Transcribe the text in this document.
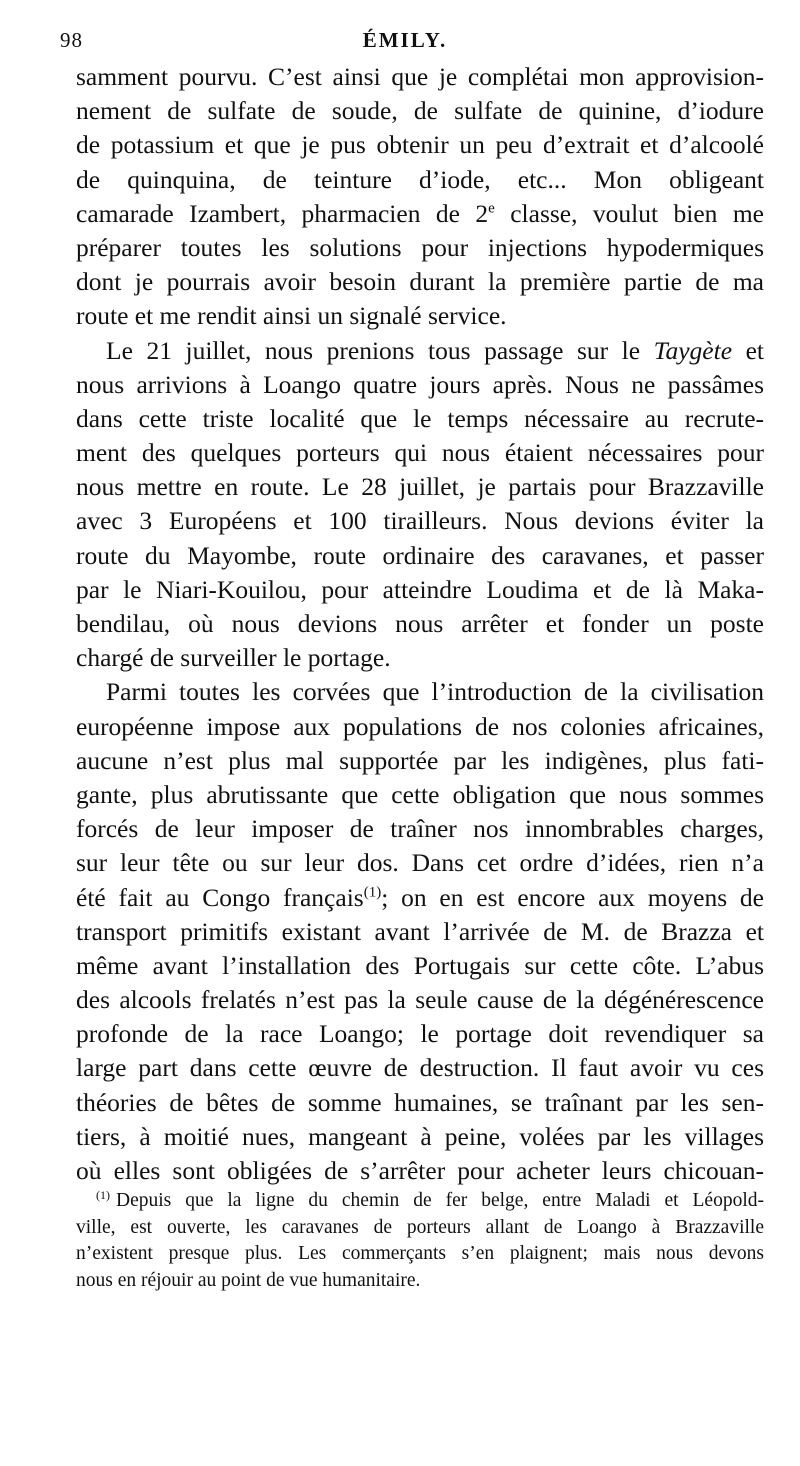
98	ÉMILY.
samment pourvu. C’est ainsi que je complétai mon approvision-
nement de sulfate de soude, de sulfate de quinine, d’iodure
de potassium et que je pus obtenir un peu d’extrait et d’alcoolé
de quinquina, de teinture d’iode, etc... Mon obligeant
camarade Izambert, pharmacien de 2e classe, voulut bien me
préparer toutes les solutions pour injections hypodermiques
dont je pourrais avoir besoin durant la première partie de ma
route et me rendit ainsi un signalé service.
Le 21 juillet, nous prenions tous passage sur le Taygète et
nous arrivions à Loango quatre jours après. Nous ne passâmes
dans cette triste localité que le temps nécessaire au recrute-
ment des quelques porteurs qui nous étaient nécessaires pour
nous mettre en route. Le 28 juillet, je partais pour Brazzaville
avec 3 Européens et 100 tirailleurs. Nous devions éviter la
route du Mayombe, route ordinaire des caravanes, et passer
par le Niari-Kouilou, pour atteindre Loudima et de là Maka-
bendilau, où nous devions nous arrêter et fonder un poste
chargé de surveiller le portage.
Parmi toutes les corvées que l’introduction de la civilisation
européenne impose aux populations de nos colonies africaines,
aucune n’est plus mal supportée par les indigènes, plus fati-
gante, plus abrutissante que cette obligation que nous sommes
forcés de leur imposer de traîner nos innombrables charges,
sur leur tête ou sur leur dos. Dans cet ordre d’idées, rien n’a
été fait au Congo français$^{(1)}$; on en est encore aux moyens de
transport primitifs existant avant l’arrivée de M. de Brazza et
même avant l’installation des Portugais sur cette côte. L’abus
des alcools frelatés n’est pas la seule cause de la dégénérescence
profonde de la race Loango; le portage doit revendiquer sa
large part dans cette œuvre de destruction. Il faut avoir vu ces
théories de bêtes de somme humaines, se traînant par les sen-
tiers, à moitié nues, mangeant à peine, volées par les villages
où elles sont obligées de s’arrêter pour acheter leurs chicouan-
$^{(1)}$ Depuis que la ligne du chemin de fer belge, entre Maladi et Léopold-
ville, est ouverte, les caravanes de porteurs allant de Loango à Brazzaville
n’existent presque plus. Les commerçants s’en plaignent; mais nous devons
nous en réjouir au point de vue humanitaire.
